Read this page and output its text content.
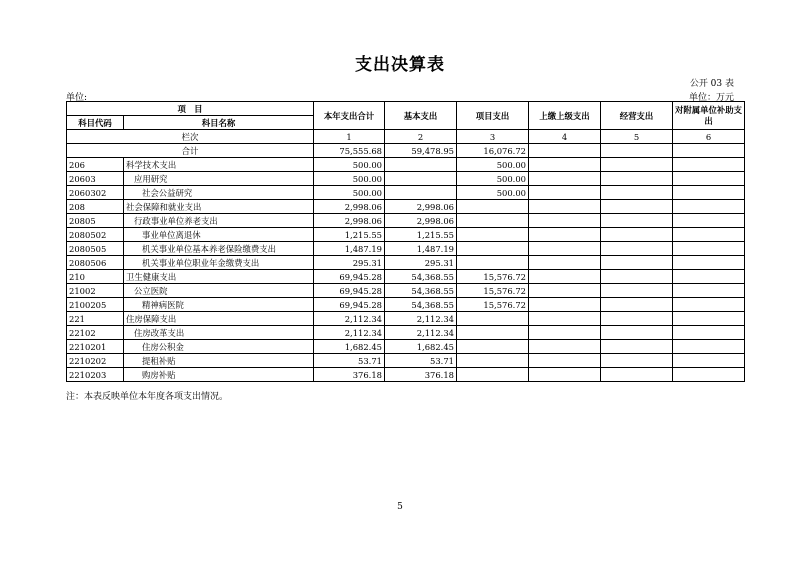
支出决算表
公开 03 表
单位:	单位：万元
项　目		本年支出合计	基本支出	项目支出	上缴上级支出	经营支出	对附属单位补助支出
科目代码	科目名称						
栏次		1	2	3	4	5	6
合计		75,555.68	59,478.95	16,076.72			
206	科学技术支出	500.00		500.00			
20603	应用研究	500.00		500.00			
2060302	社会公益研究	500.00		500.00			
208	社会保障和就业支出	2,998.06	2,998.06				
20805	行政事业单位养老支出	2,998.06	2,998.06				
2080502	事业单位离退休	1,215.55	1,215.55				
2080505	机关事业单位基本养老保险缴费支出	1,487.19	1,487.19				
2080506	机关事业单位职业年金缴费支出	295.31	295.31				
210	卫生健康支出	69,945.28	54,368.55	15,576.72			
21002	公立医院	69,945.28	54,368.55	15,576.72			
2100205	精神病医院	69,945.28	54,368.55	15,576.72			
221	住房保障支出	2,112.34	2,112.34				
22102	住房改革支出	2,112.34	2,112.34				
2210201	住房公积金	1,682.45	1,682.45				
2210202	提租补贴	53.71	53.71				
2210203	购房补贴	376.18	376.18				
注：本表反映单位本年度各项支出情况。
5
